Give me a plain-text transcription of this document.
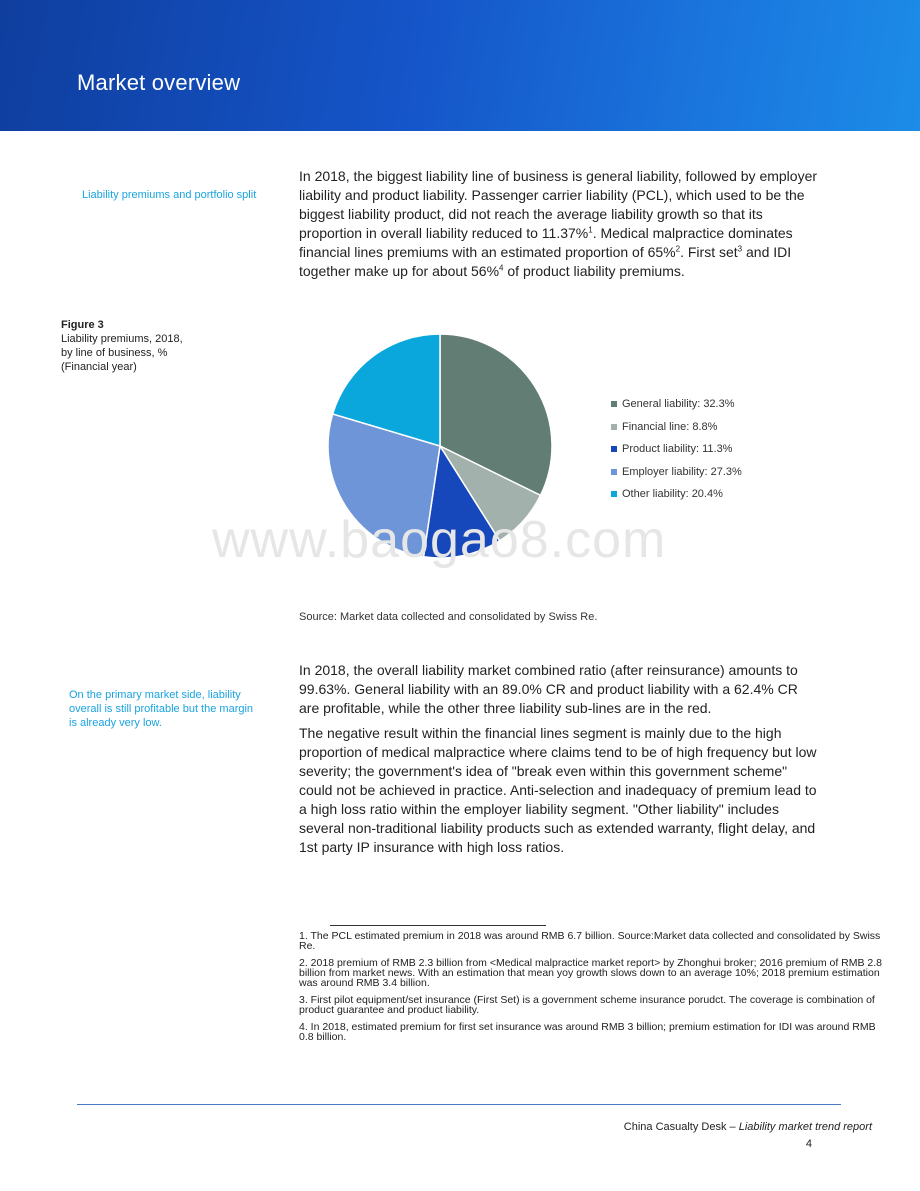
Market overview
Liability premiums and portfolio split

In 2018, the biggest liability line of business is general liability, followed by employer liability and product liability. Passenger carrier liability (PCL), which used to be the biggest liability product, did not reach the average liability growth so that its proportion in overall liability reduced to 11.37%$^1$. Medical malpractice dominates financial lines premiums with an estimated proportion of 65%$^2$. First set$^3$ and IDI together make up for about 56%$^4$ of product liability premiums.

Figure 3
Liability premiums, 2018,
by line of business, %
(Financial year)
General liability: 32.3%
Financial line: 8.8%
Product liability: 11.3%
Employer liability: 27.3%
Other liability: 20.4%
www.baogao8.com
Source: Market data collected and consolidated by Swiss Re.
On the primary market side, liability overall is still profitable but the margin is already very low.

In 2018, the overall liability market combined ratio (after reinsurance) amounts to 99.63%. General liability with an 89.0% CR and product liability with a 62.4% CR are profitable, while the other three liability sub-lines are in the red.

The negative result within the financial lines segment is mainly due to the high proportion of medical malpractice where claims tend to be of high frequency but low severity; the government's idea of "break even within this government scheme" could not be achieved in practice. Anti-selection and inadequacy of premium lead to a high loss ratio within the employer liability segment. "Other liability" includes several non-traditional liability products such as extended warranty, flight delay, and 1st party IP insurance with high loss ratios.

1. The PCL estimated premium in 2018 was around RMB 6.7 billion. Source:Market data collected and consolidated by Swiss Re.

2. 2018 premium of RMB 2.3 billion from <Medical malpractice market report> by Zhonghui broker; 2016 premium of RMB 2.8 billion from market news. With an estimation that mean yoy growth slows down to an average 10%; 2018 premium estimation was around RMB 3.4 billion.

3. First pilot equipment/set insurance (First Set) is a government scheme insurance porudct. The coverage is combination of product guarantee and product liability.

4. In 2018, estimated premium for first set insurance was around RMB 3 billion; premium estimation for IDI was around RMB 0.8 billion.

China Casualty Desk – Liability market trend report
4
